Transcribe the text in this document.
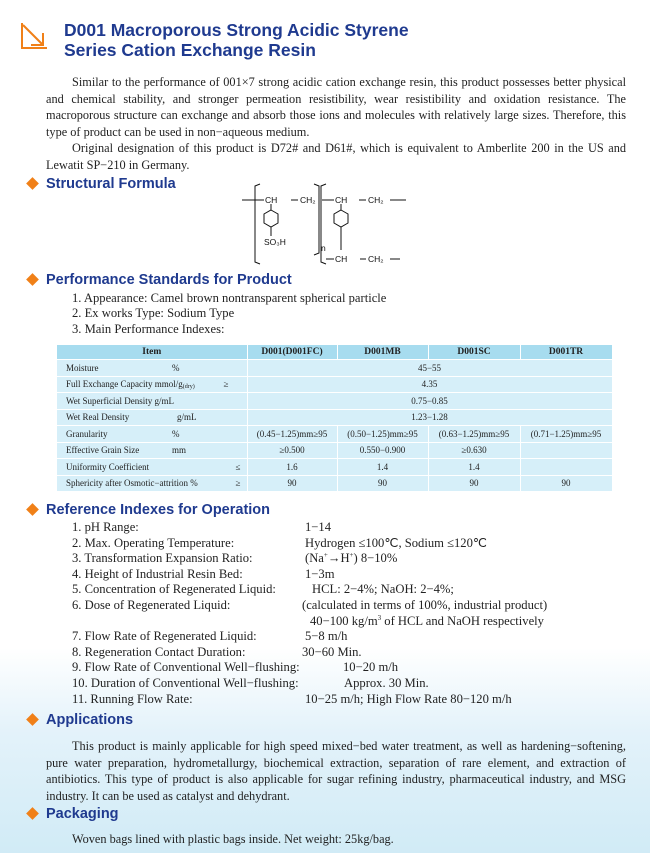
D001 Macroporous Strong Acidic Styrene
Series Cation Exchange Resin

Similar to the performance of 001×7 strong acidic cation exchange resin, this product possesses better physical and chemical stability, and stronger permeation resistibility, wear resistibility and oxidation resistance. The macroporous structure can exchange and absorb those ions and molecules with relatively large sizes. Therefore, this type of product can be used in non−aqueous medium.

Original designation of this product is D72# and D61#, which is equivalent to Amberlite 200 in the US and Lewatit SP−210 in Germany.

Structural Formula
CH	CH₂ CH CH₂
SO₃H
n
CH CH₂
Performance Standards for Product
1. Appearance: Camel brown nontransparent spherical particle
2. Ex works Type: Sodium Type
3. Main Performance Indexes:
Item	D001(D001FC)	D001MB	D001SC	D001TR
Moisture %	45−55			
Full Exchange Capacity mmol/$g_{(dry)}$ ≥	4.35			
Wet Superficial Density g/mL	0.75−0.85			
Wet Real Density g/mL	1.23−1.28			
Granularity %	(0.45−1.25)mm≥95	(0.50−1.25)mm≥95	(0.63−1.25)mm≥95	(0.71−1.25)mm≥95
Effective Grain Size mm	≥0.500	0.550−0.900	≥0.630	
Uniformity Coefficient ≤	1.6	1.4	1.4	
Sphericity after Osmotic−attrition % ≥	90	90	90	90
Reference Indexes for Operation
1. pH Range:	1−14
2. Max. Operating Temperature:	Hydrogen ≤100℃, Sodium ≤120℃
3. Transformation Expansion Ratio:	(Na+→H+) 8−10%
4. Height of Industrial Resin Bed:	1−3m
5. Concentration of Regenerated Liquid:	HCL: 2−4%; NaOH: 2−4%;
6. Dose of Regenerated Liquid:	(calculated in terms of 100%, industrial product)
40−100 $kg/m^3$ of HCL and NaOH respectively
7. Flow Rate of Regenerated Liquid:	5−8 m/h
8. Regeneration Contact Duration:	30−60 Min.
9. Flow Rate of Conventional Well−flushing:	10−20 m/h
10. Duration of Conventional Well−flushing:	Approx. 30 Min.
11. Running Flow Rate:	10−25 m/h; High Flow Rate 80−120 m/h
Applications

This product is mainly applicable for high speed mixed−bed water treatment, as well as hardening−softening, pure water preparation, hydrometallurgy, biochemical extraction, separation of rare element, and extraction of antibiotics. This type of product is also applicable for sugar refining industry, pharmaceutical industry, and MSG industry. It can be used as catalyst and dehydrant.

Packaging

Woven bags lined with plastic bags inside. Net weight: 25kg/bag.
